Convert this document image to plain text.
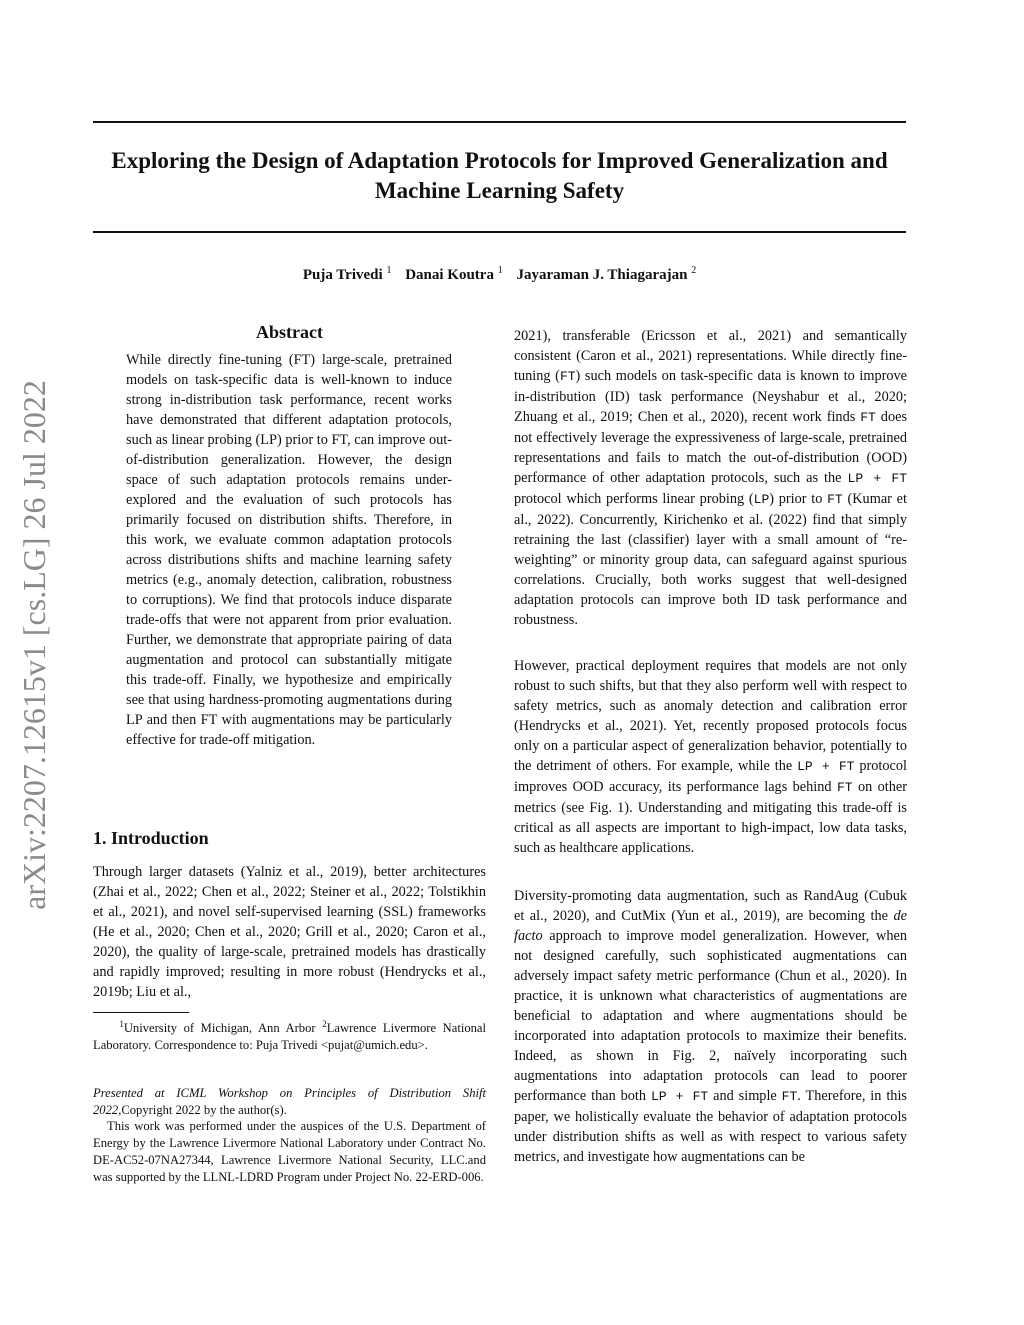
Exploring the Design of Adaptation Protocols for Improved Generalization and Machine Learning Safety
Puja Trivedi $^1$ Danai Koutra $^1$ Jayaraman J. Thiagarajan $^2$
arXiv:2207.12615v1 [cs.LG] 26 Jul 2022
Abstract

While directly fine-tuning (FT) large-scale, pretrained models on task-specific data is well-known to induce strong in-distribution task performance, recent works have demonstrated that different adaptation protocols, such as linear probing (LP) prior to FT, can improve out-of-distribution generalization. However, the design space of such adaptation protocols remains under-explored and the evaluation of such protocols has primarily focused on distribution shifts. Therefore, in this work, we evaluate common adaptation protocols across distributions shifts and machine learning safety metrics (e.g., anomaly detection, calibration, robustness to corruptions). We find that protocols induce disparate trade-offs that were not apparent from prior evaluation. Further, we demonstrate that appropriate pairing of data augmentation and protocol can substantially mitigate this trade-off. Finally, we hypothesize and empirically see that using hardness-promoting augmentations during LP and then FT with augmentations may be particularly effective for trade-off mitigation.

1. Introduction

Through larger datasets (Yalniz et al., 2019), better architectures (Zhai et al., 2022; Chen et al., 2022; Steiner et al., 2022; Tolstikhin et al., 2021), and novel self-supervised learning (SSL) frameworks (He et al., 2020; Chen et al., 2020; Grill et al., 2020; Caron et al., 2020), the quality of large-scale, pretrained models has drastically and rapidly improved; resulting in more robust (Hendrycks et al., 2019b; Liu et al.,

$^1$University of Michigan, Ann Arbor $^2$Lawrence Livermore National Laboratory. Correspondence to: Puja Trivedi <pujat@umich.edu>.
Presented at ICML Workshop on Principles of Distribution Shift 2022,Copyright 2022 by the author(s).
This work was performed under the auspices of the U.S. Department of Energy by the Lawrence Livermore National Laboratory under Contract No. DE-AC52-07NA27344, Lawrence Livermore National Security, LLC.and was supported by the LLNL-LDRD Program under Project No. 22-ERD-006.

2021), transferable (Ericsson et al., 2021) and semantically consistent (Caron et al., 2021) representations. While directly fine-tuning (FT) such models on task-specific data is known to improve in-distribution (ID) task performance (Neyshabur et al., 2020; Zhuang et al., 2019; Chen et al., 2020), recent work finds FT does not effectively leverage the expressiveness of large-scale, pretrained representations and fails to match the out-of-distribution (OOD) performance of other adaptation protocols, such as the LP + FT protocol which performs linear probing (LP) prior to FT (Kumar et al., 2022). Concurrently, Kirichenko et al. (2022) find that simply retraining the last (classifier) layer with a small amount of “re-weighting” or minority group data, can safeguard against spurious correlations. Crucially, both works suggest that well-designed adaptation protocols can improve both ID task performance and robustness.

However, practical deployment requires that models are not only robust to such shifts, but that they also perform well with respect to safety metrics, such as anomaly detection and calibration error (Hendrycks et al., 2021). Yet, recently proposed protocols focus only on a particular aspect of generalization behavior, potentially to the detriment of others. For example, while the LP + FT protocol improves OOD accuracy, its performance lags behind FT on other metrics (see Fig. 1). Understanding and mitigating this trade-off is critical as all aspects are important to high-impact, low data tasks, such as healthcare applications.

Diversity-promoting data augmentation, such as RandAug (Cubuk et al., 2020), and CutMix (Yun et al., 2019), are becoming the de facto approach to improve model generalization. However, when not designed carefully, such sophisticated augmentations can adversely impact safety metric performance (Chun et al., 2020). In practice, it is unknown what characteristics of augmentations are beneficial to adaptation and where augmentations should be incorporated into adaptation protocols to maximize their benefits. Indeed, as shown in Fig. 2, naïvely incorporating such augmentations into adaptation protocols can lead to poorer performance than both LP + FT and simple FT. Therefore, in this paper, we holistically evaluate the behavior of adaptation protocols under distribution shifts as well as with respect to various safety metrics, and investigate how augmentations can be
